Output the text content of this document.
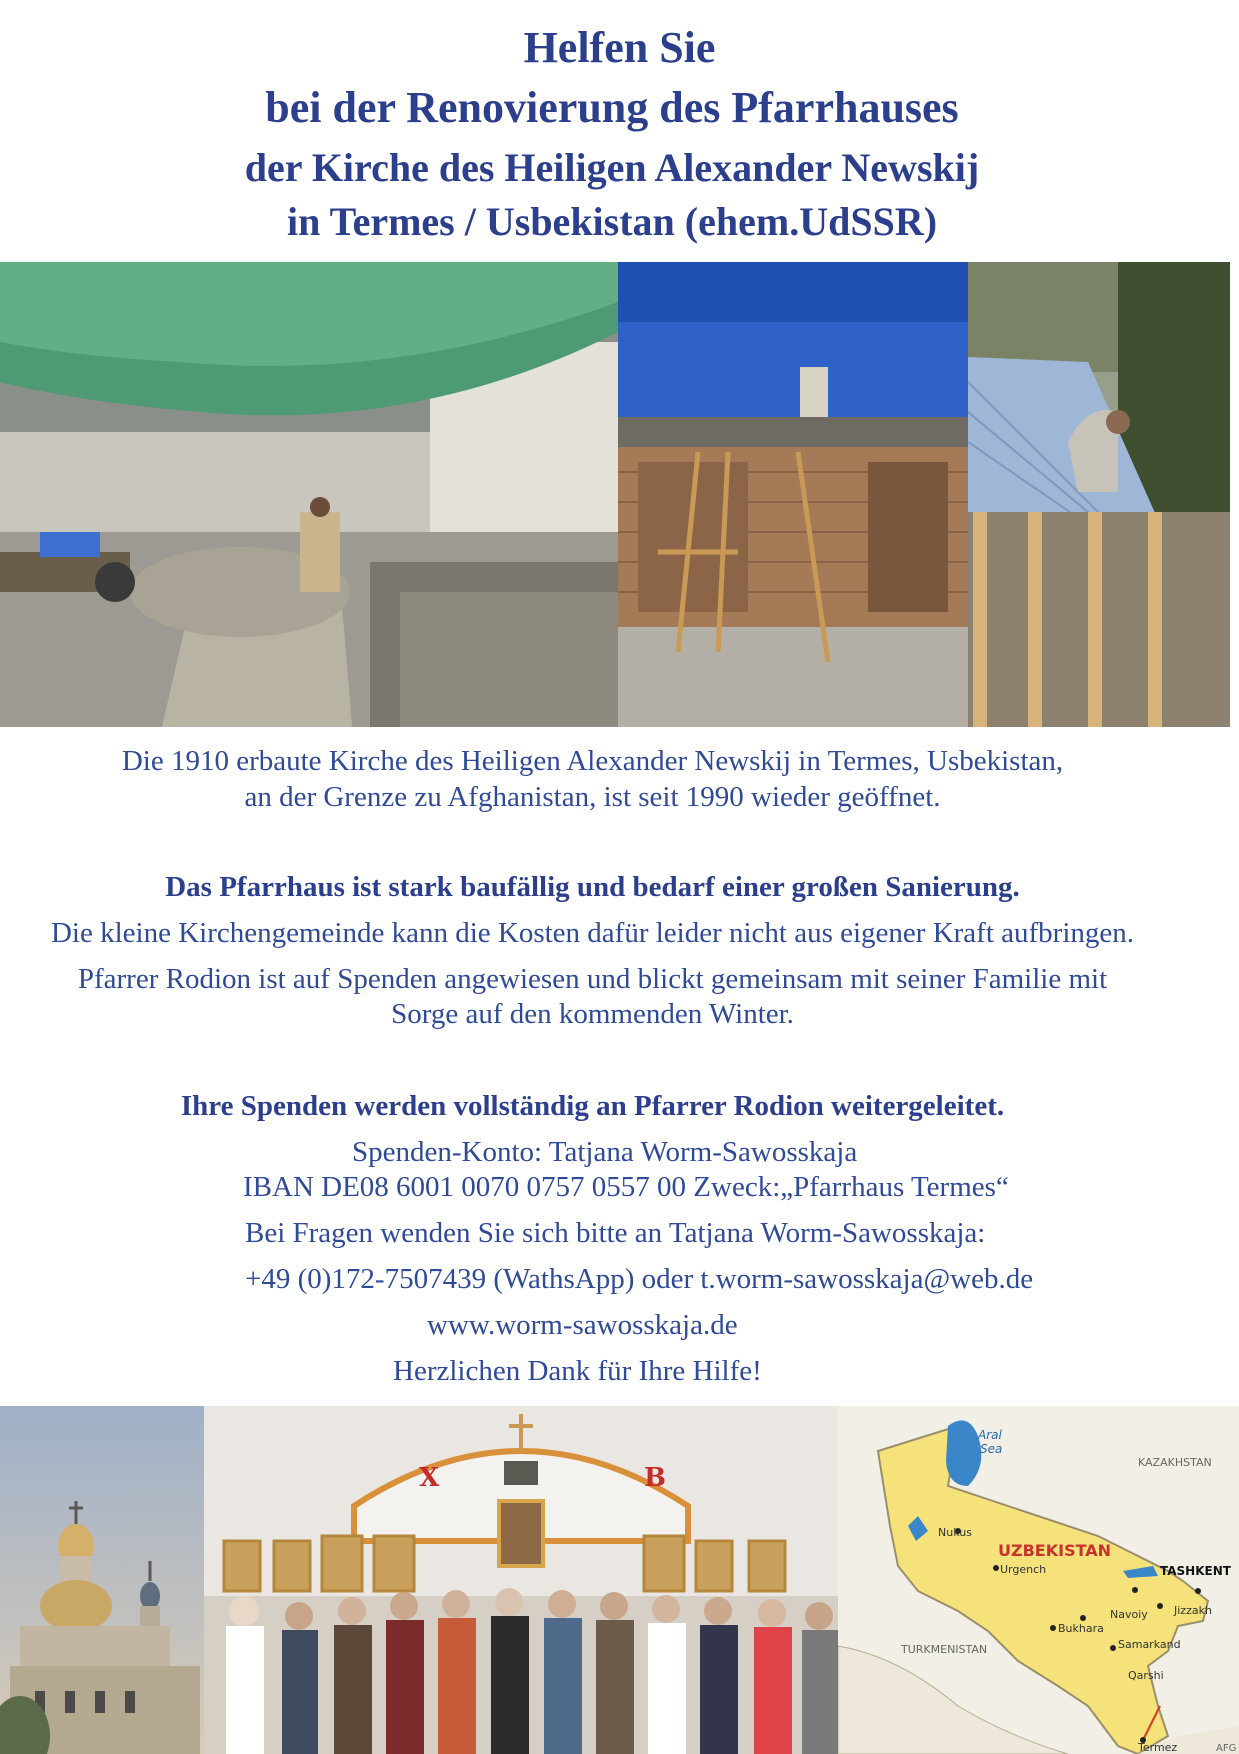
Helfen Sie
bei der Renovierung des Pfarrhauses
der Kirche des Heiligen Alexander Newskij
in Termes / Usbekistan (ehem.UdSSR)
Die 1910 erbaute Kirche des Heiligen Alexander Newskij in Termes, Usbekistan,
an der Grenze zu Afghanistan, ist seit 1990 wieder geöffnet.
Das Pfarrhaus ist stark baufällig und bedarf einer großen Sanierung.
Die kleine Kirchengemeinde kann die Kosten dafür leider nicht aus eigener Kraft aufbringen.
Pfarrer Rodion ist auf Spenden angewiesen und blickt gemeinsam mit seiner Familie mit
Sorge auf den kommenden Winter.
Ihre Spenden werden vollständig an Pfarrer Rodion weitergeleitet.
Spenden-Konto: Tatjana Worm-Sawosskaja
IBAN DE08 6001 0070 0757 0557 00 Zweck:„Pfarrhaus Termes“
Bei Fragen wenden Sie sich bitte an Tatjana Worm-Sawosskaja:
+49 (0)172-7507439 (WathsApp) oder t.worm-sawosskaja@web.de
www.worm-sawosskaja.de
Herzlichen Dank für Ihre Hilfe!
X	B
Aral
Sea
KAZAKHSTAN
UZBEKISTAN
TASHKENT
Nukus
Urgench
Navoiy Jizzakh
Bukhara
Samarkand
TURKMENISTAN
Qarshi
Termez	AFG
